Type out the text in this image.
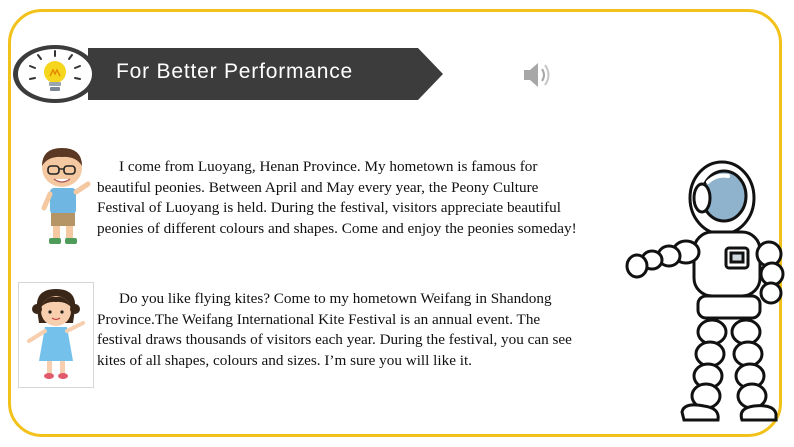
For Better Performance

I come from Luoyang, Henan Province. My hometown is famous for beautiful peonies. Between April and May every year, the Peony Culture Festival of Luoyang is held. During the festival, visitors appreciate beautiful peonies of different colours and shapes. Come and enjoy the peonies someday!

Do you like flying kites? Come to my hometown Weifang in Shandong Province.The Weifang International Kite Festival is an annual event. The festival draws thousands of visitors each year. During the festival, you can see kites of all shapes, colours and sizes. I’m sure you will like it.
